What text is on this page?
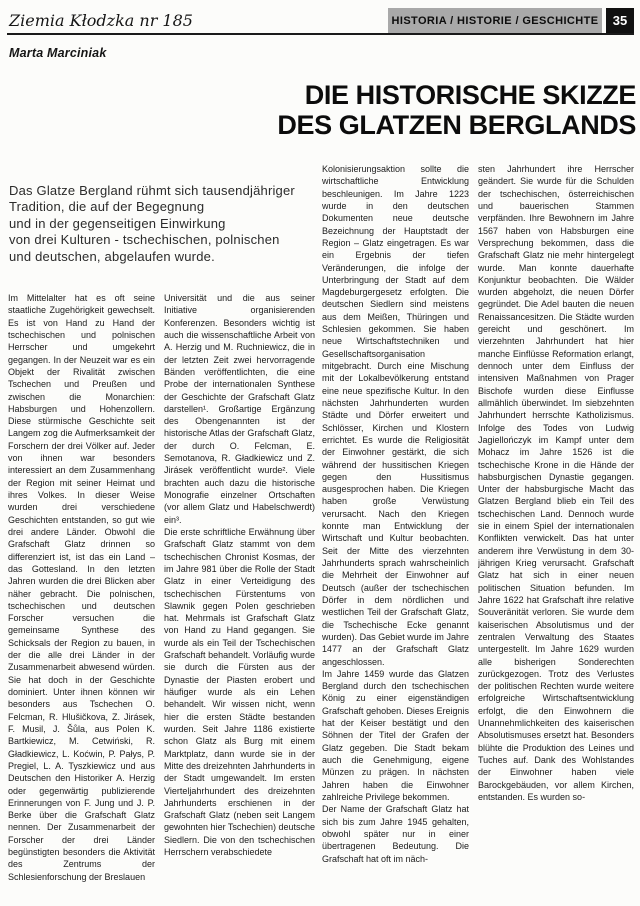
Ziemia Kłodzka nr 185	HISTORIA / HISTORIE / GESCHICHTE	35
Marta Marciniak
DIE HISTORISCHE SKIZZE
DES GLATZEN BERGLANDS
Das Glatze Bergland rühmt sich tausendjähriger
Tradition, die auf der Begegnung
und in der gegenseitigen Einwirkung
von drei Kulturen - tschechischen, polnischen
und deutschen, abgelaufen wurde.

Im Mittelalter hat es oft seine staatliche Zugehörigkeit gewechselt. Es ist von Hand zu Hand der tschechischen und polnischen Herrscher und umgekehrt gegangen. In der Neuzeit war es ein Objekt der Rivalität zwischen Tschechen und Preußen und zwischen die Monarchien: Habsburgen und Hohenzollern. Diese stürmische Geschichte seit Langem zog die Aufmerksamkeit der Forschern der drei Völker auf. Jeder von ihnen war besonders interessiert an dem Zusammenhang der Region mit seiner Heimat und ihres Volkes. In dieser Weise wurden drei verschiedene Geschichten entstanden, so gut wie drei andere Länder. Obwohl die Grafschaft Glatz drinnen so differenziert ist, ist das ein Land – das Gottesland. In den letzten Jahren wurden die drei Blicken aber näher gebracht. Die polnischen, tschechischen und deutschen Forscher versuchen die gemeinsame Synthese des Schicksals der Region zu bauen, in der die alle drei Länder in der Zusammenarbeit abwesend würden. Sie hat doch in der Geschichte dominiert. Unter ihnen können wir besonders aus Tschechen O. Felcman, R. Hlušičkova, Z. Jirásek, F. Musil, J. Šůla, aus Polen K. Bartkiewicz, M. Cetwiński, R. Gładkiewicz, L. Koćwin, P. Pałys, P. Pregiel, L. A. Tyszkiewicz und aus Deutschen den Historiker A. Herzig oder gegenwärtig publizierende Erinnerungen von F. Jung und J. P. Berke über die Grafschaft Glatz nennen. Der Zusammenarbeit der Forscher der drei Länder begünstigten besonders die Aktivität des Zentrums der Schlesienforschung der Breslauen

Universität und die aus seiner Initiative organisierenden Konferenzen. Besonders wichtig ist auch die wissenschaftliche Arbeit von A. Herzig und M. Ruchniewicz, die in der letzten Zeit zwei hervorragende Bänden veröffentlichten, die eine Probe der internationalen Synthese der Geschichte der Grafschaft Glatz darstellen¹. Großartige Ergänzung des Obengenannten ist der historische Atlas der Grafschaft Glatz, der durch O. Felcman, E. Semotanova, R. Gładkiewicz und Z. Jirásek veröffentlicht wurde². Viele brachten auch dazu die historische Monografie einzelner Ortschaften (vor allem Glatz und Habelschwerdt) ein³.

Die erste schriftliche Erwähnung über Grafschaft Glatz stammt von dem tschechischen Chronist Kosmas, der im Jahre 981 über die Rolle der Stadt Glatz in einer Verteidigung des tschechischen Fürstentums von Slawnik gegen Polen geschrieben hat. Mehrmals ist Grafschaft Glatz von Hand zu Hand gegangen. Sie wurde als ein Teil der Tschechischen Grafschaft behandelt. Vorläufig wurde sie durch die Fürsten aus der Dynastie der Piasten erobert und häufiger wurde als ein Lehen behandelt. Wir wissen nicht, wenn hier die ersten Städte bestanden wurden. Seit Jahre 1186 existierte schon Glatz als Burg mit einem Marktplatz, dann wurde sie in der Mitte des dreizehnten Jahrhunderts in der Stadt umgewandelt. Im ersten Vierteljahrhundert des dreizehnten Jahrhunderts erschienen in der Grafschaft Glatz (neben seit Langem gewohnten hier Tschechien) deutsche Siedlern. Die von den tschechischen Herrschern verabschiedete

Kolonisierungsaktion sollte die wirtschaftliche Entwicklung beschleunigen. Im Jahre 1223 wurde in den deutschen Dokumenten neue deutsche Bezeichnung der Hauptstadt der Region – Glatz eingetragen. Es war ein Ergebnis der tiefen Veränderungen, die infolge der Unterbringung der Stadt auf dem Magdeburgergesetz erfolgten. Die deutschen Siedlern sind meistens aus dem Meißen, Thüringen und Schlesien gekommen. Sie haben neue Wirtschaftstechniken und Gesellschaftsorganisation mitgebracht. Durch eine Mischung mit der Lokalbevölkerung entstand eine neue spezifische Kultur. In den nächsten Jahrhunderten wurden Städte und Dörfer erweitert und Schlösser, Kirchen und Klostern errichtet. Es wurde die Religiosität der Einwohner gestärkt, die sich während der hussitischen Kriegen gegen den Hussitismus ausgesprochen haben. Die Kriegen haben große Verwüstung verursacht. Nach den Kriegen konnte man Entwicklung der Wirtschaft und Kultur beobachten. Seit der Mitte des vierzehnten Jahrhunderts sprach wahrscheinlich die Mehrheit der Einwohner auf Deutsch (außer der tschechischen Dörfer in dem nördlichen und westlichen Teil der Grafschaft Glatz, die Tschechische Ecke genannt wurden). Das Gebiet wurde im Jahre 1477 an der Grafschaft Glatz angeschlossen.

Im Jahre 1459 wurde das Glatzen Bergland durch den tschechischen König zu einer eigenständigen Grafschaft gehoben. Dieses Ereignis hat der Keiser bestätigt und den Söhnen der Titel der Grafen der Glatz gegeben. Die Stadt bekam auch die Genehmigung, eigene Münzen zu prägen. In nächsten Jahren haben die Einwohner zahlreiche Privilege bekommen.

Der Name der Grafschaft Glatz hat sich bis zum Jahre 1945 gehalten, obwohl später nur in einer übertragenen Bedeutung. Die Grafschaft hat oft im näch-

sten Jahrhundert ihre Herrscher geändert. Sie wurde für die Schulden der tschechischen, österreichischen und bauerischen Stammen verpfänden. Ihre Bewohnern im Jahre 1567 haben von Habsburgen eine Versprechung bekommen, dass die Grafschaft Glatz nie mehr hintergelegt wurde. Man konnte dauerhafte Konjunktur beobachten. Die Wälder wurden abgeholzt, die neuen Dörfer gegründet. Die Adel bauten die neuen Renaissancesitzen. Die Städte wurden gereicht und geschönert. Im vierzehnten Jahrhundert hat hier manche Einflüsse Reformation erlangt, dennoch unter dem Einfluss der intensiven Maßnahmen von Prager Bischofe wurden diese Einflusse allmählich überwindet. Im siebzehnten Jahrhundert herrschte Katholizismus. Infolge des Todes von Ludwig Jagiellończyk im Kampf unter dem Mohacz im Jahre 1526 ist die tschechische Krone in die Hände der habsburgischen Dynastie gegangen. Unter der habsburgische Macht das Glatzen Bergland blieb ein Teil des tschechischen Land. Dennoch wurde sie in einem Spiel der internationalen Konflikten verwickelt. Das hat unter anderem ihre Verwüstung in dem 30-jährigen Krieg verursacht. Grafschaft Glatz hat sich in einer neuen politischen Situation befunden. Im Jahre 1622 hat Grafschaft ihre relative Souveränität verloren. Sie wurde dem kaiserischen Absolutismus und der zentralen Verwaltung des Staates untergestellt. Im Jahre 1629 wurden alle bisherigen Sonderechten zurückgezogen. Trotz des Verlustes der politischen Rechten wurde weitere erfolgreiche Wirtschaftsentwicklung erfolgt, die den Einwohnern die Unannehmlichkeiten des kaiserischen Absolutismuses ersetzt hat. Besonders blühte die Produktion des Leines und Tuches auf. Dank des Wohlstandes der Einwohner haben viele Barockgebäuden, vor allem Kirchen, entstanden. Es wurden so-
